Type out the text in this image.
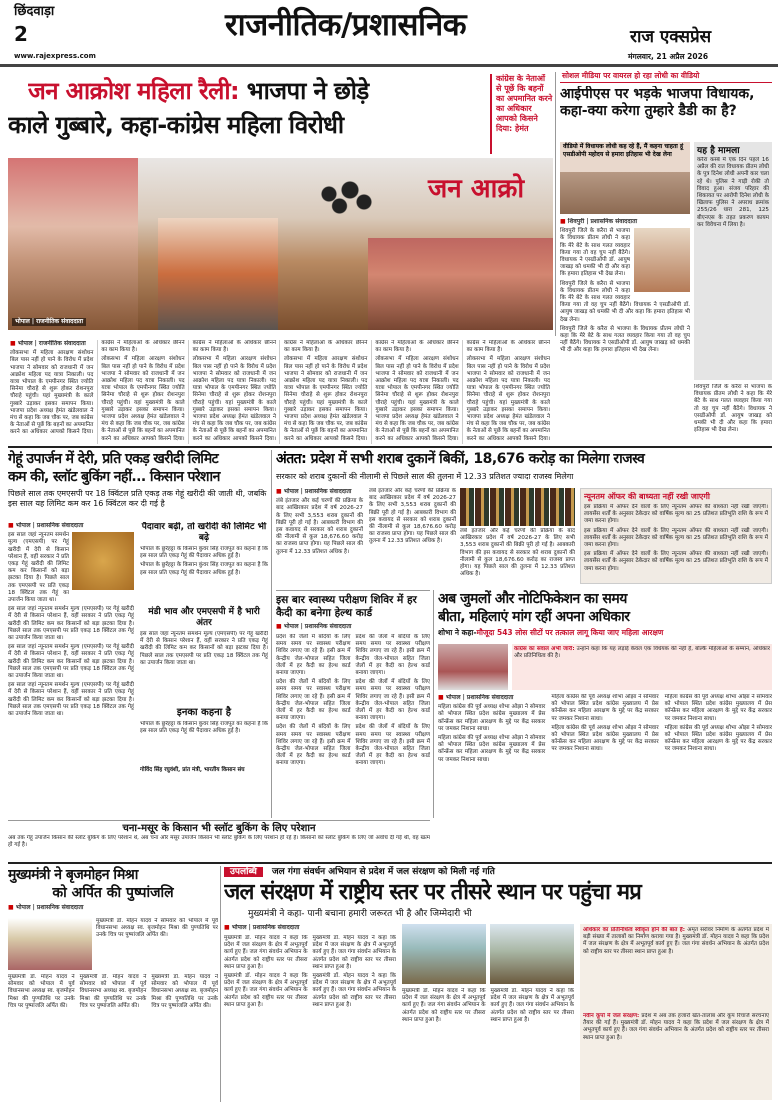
छिंदवाड़ा
2
www.rajexpress.com
राजनीतिक/प्रशासनिक	राज एक्सप्रेस
मंगलवार, 21 अप्रैल 2026
जन आक्रोश महिला रैली: भाजपा ने छोड़े
काले गुब्बारे, कहा-कांग्रेस महिला विरोधी
कांग्रेस के नेताओं से पूछें कि बहनों का अपमानित करने का अधिकार आपको किसने दिया: हेमंत
जन आक्रो
भोपाल | राजनीतिक संवाददाता
■ भोपाल | राजनीतिक संवाददाता

लोकसभा में महिला आरक्षण संशोधन बिल पास नहीं हो पाने के विरोध में प्रदेश भाजपा ने सोमवार को राजधानी में जन आक्रोश महिला पद यात्रा निकाली। पद यात्रा भोपाल के एमपीनगर स्थित ज्योति सिनेमा चौराहे से शुरू होकर रोशनपुरा चौराहे पहुंची। यहां मुख्यमंत्री के काले गुब्बारे उड़ाकर इसका समापन किया। भाजपा प्रदेश अध्यक्ष हेमंत खंडेलवाल ने मंच से कहा कि जब चौक पर, जब कांग्रेस के नेताओं से पूछें कि बहनों का अपमानित करने का अधिकार आपको किसने दिया। कांग्रेस ने महिलाओं के अधिकार छीनने का काम किया है।

लोकसभा में महिला आरक्षण संशोधन बिल पास नहीं हो पाने के विरोध में प्रदेश भाजपा ने सोमवार को राजधानी में जन आक्रोश महिला पद यात्रा निकाली। पद यात्रा भोपाल के एमपीनगर स्थित ज्योति सिनेमा चौराहे से शुरू होकर रोशनपुरा चौराहे पहुंची। यहां मुख्यमंत्री के काले गुब्बारे उड़ाकर इसका समापन किया। भाजपा प्रदेश अध्यक्ष हेमंत खंडेलवाल ने मंच से कहा कि जब चौक पर, जब कांग्रेस के नेताओं से पूछें कि बहनों का अपमानित करने का अधिकार आपको किसने दिया। कांग्रेस ने महिलाओं के अधिकार छीनने का काम किया है।

लोकसभा में महिला आरक्षण संशोधन बिल पास नहीं हो पाने के विरोध में प्रदेश भाजपा ने सोमवार को राजधानी में जन आक्रोश महिला पद यात्रा निकाली। पद यात्रा भोपाल के एमपीनगर स्थित ज्योति सिनेमा चौराहे से शुरू होकर रोशनपुरा चौराहे पहुंची। यहां मुख्यमंत्री के काले गुब्बारे उड़ाकर इसका समापन किया। भाजपा प्रदेश अध्यक्ष हेमंत खंडेलवाल ने मंच से कहा कि जब चौक पर, जब कांग्रेस के नेताओं से पूछें कि बहनों का अपमानित करने का अधिकार आपको किसने दिया। कांग्रेस ने महिलाओं के अधिकार छीनने का काम किया है।

लोकसभा में महिला आरक्षण संशोधन बिल पास नहीं हो पाने के विरोध में प्रदेश भाजपा ने सोमवार को राजधानी में जन आक्रोश महिला पद यात्रा निकाली। पद यात्रा भोपाल के एमपीनगर स्थित ज्योति सिनेमा चौराहे से शुरू होकर रोशनपुरा चौराहे पहुंची। यहां मुख्यमंत्री के काले गुब्बारे उड़ाकर इसका समापन किया। भाजपा प्रदेश अध्यक्ष हेमंत खंडेलवाल ने मंच से कहा कि जब चौक पर, जब कांग्रेस के नेताओं से पूछें कि बहनों का अपमानित करने का अधिकार आपको किसने दिया। कांग्रेस ने महिलाओं के अधिकार छीनने का काम किया है।

लोकसभा में महिला आरक्षण संशोधन बिल पास नहीं हो पाने के विरोध में प्रदेश भाजपा ने सोमवार को राजधानी में जन आक्रोश महिला पद यात्रा निकाली। पद यात्रा भोपाल के एमपीनगर स्थित ज्योति सिनेमा चौराहे से शुरू होकर रोशनपुरा चौराहे पहुंची। यहां मुख्यमंत्री के काले गुब्बारे उड़ाकर इसका समापन किया। भाजपा प्रदेश अध्यक्ष हेमंत खंडेलवाल ने मंच से कहा कि जब चौक पर, जब कांग्रेस के नेताओं से पूछें कि बहनों का अपमानित करने का अधिकार आपको किसने दिया। कांग्रेस ने महिलाओं के अधिकार छीनने का काम किया है।

लोकसभा में महिला आरक्षण संशोधन बिल पास नहीं हो पाने के विरोध में प्रदेश भाजपा ने सोमवार को राजधानी में जन आक्रोश महिला पद यात्रा निकाली। पद यात्रा भोपाल के एमपीनगर स्थित ज्योति सिनेमा चौराहे से शुरू होकर रोशनपुरा चौराहे पहुंची। यहां मुख्यमंत्री के काले गुब्बारे उड़ाकर इसका समापन किया। भाजपा प्रदेश अध्यक्ष हेमंत खंडेलवाल ने मंच से कहा कि जब चौक पर, जब कांग्रेस के नेताओं से पूछें कि बहनों का अपमानित करने का अधिकार आपको किसने दिया।

सोशल मीडिया पर वायरल हो रहा लोधी का वीडियो
आईपीएस पर भड़के भाजपा विधायक, कहा-क्या करेगा तुम्हारे डैडी का है?
वीडियो में विधायक लोधी कह रहे हैं, मैं कहना चाहता हूं एसडीओपी महोदय से हमारा इतिहास भी देख लेना	यह है मामला
करैरा कस्बे में एक दिन पहले 16 अप्रैल की रात विधायक प्रीतम लोधी के पुत्र दिनेश लोधी अपनी कार चला रहे थे। पुलिस ने गाड़ी रोकी तो विवाद हुआ। संजय परिहार की शिकायत पर आरोपी दिनेश लोधी के खिलाफ पुलिस ने अपराध क्रमांक 255/26 धारा 281, 125 बीएनएस के तहत प्रकरण कायम कर विवेचना में लिया है।
■ शिवपुरी | प्रशासनिक संवाददाता

शिवपुरी जिले के करैरा से भाजपा के विधायक प्रीतम लोधी ने कहा कि मेरे बेटे के साथ गलत व्यवहार किया गया तो वह चुप नहीं बैठेंगे। विधायक ने एसडीओपी डॉ. आयुष जाखड़ को धमकी भी दी और कहा कि हमारा इतिहास भी देख लेना।

शिवपुरी जिले के करैरा से भाजपा के विधायक प्रीतम लोधी ने कहा कि मेरे बेटे के साथ गलत व्यवहार किया गया तो वह चुप नहीं बैठेंगे। विधायक ने एसडीओपी डॉ. आयुष जाखड़ को धमकी भी दी और कहा कि हमारा इतिहास भी देख लेना।

शिवपुरी जिले के करैरा से भाजपा के विधायक प्रीतम लोधी ने कहा कि मेरे बेटे के साथ गलत व्यवहार किया गया तो वह चुप नहीं बैठेंगे। विधायक ने एसडीओपी डॉ. आयुष जाखड़ को धमकी भी दी और कहा कि हमारा इतिहास भी देख लेना।

शिवपुरी जिले के करैरा से भाजपा के विधायक प्रीतम लोधी ने कहा कि मेरे बेटे के साथ गलत व्यवहार किया गया तो वह चुप नहीं बैठेंगे। विधायक ने एसडीओपी डॉ. आयुष जाखड़ को धमकी भी दी और कहा कि हमारा इतिहास भी देख लेना।

गेहूं उपार्जन में देरी, प्रति एकड़ खरीदी लिमिट
कम की, स्लॉट बुकिंग नहीं... किसान परेशान
पिछले साल तक एमएसपी पर 18 क्विंटल प्रति एकड़ तक गेहूं खरीदी की जाती थी, जबकि इस साल यह लिमिट कम कर 16 क्विंटल कर दी गई है
■ भोपाल | प्रशासनिक संवाददाता

इस साल जहां न्यूनतम समर्थन मूल्य (एमएसपी) पर गेहूं खरीदी में देरी से किसान परेशान हैं, वहीं सरकार ने प्रति एकड़ गेहूं खरीदी की लिमिट कम कर किसानों को बड़ा झटका दिया है। पिछले साल तक एमएसपी पर प्रति एकड़ 18 क्विंटल तक गेहूं का उपार्जन किया जाता था।

इस साल जहां न्यूनतम समर्थन मूल्य (एमएसपी) पर गेहूं खरीदी में देरी से किसान परेशान हैं, वहीं सरकार ने प्रति एकड़ गेहूं खरीदी की लिमिट कम कर किसानों को बड़ा झटका दिया है। पिछले साल तक एमएसपी पर प्रति एकड़ 18 क्विंटल तक गेहूं का उपार्जन किया जाता था।

इस साल जहां न्यूनतम समर्थन मूल्य (एमएसपी) पर गेहूं खरीदी में देरी से किसान परेशान हैं, वहीं सरकार ने प्रति एकड़ गेहूं खरीदी की लिमिट कम कर किसानों को बड़ा झटका दिया है। पिछले साल तक एमएसपी पर प्रति एकड़ 18 क्विंटल तक गेहूं का उपार्जन किया जाता था।

इस साल जहां न्यूनतम समर्थन मूल्य (एमएसपी) पर गेहूं खरीदी में देरी से किसान परेशान हैं, वहीं सरकार ने प्रति एकड़ गेहूं खरीदी की लिमिट कम कर किसानों को बड़ा झटका दिया है। पिछले साल तक एमएसपी पर प्रति एकड़ 18 क्विंटल तक गेहूं का उपार्जन किया जाता था।

पैदावार बढ़ी, तो खरीदी की लिमिट भी बढ़े

भोपाल के छुर्रहट्टा के किसान कुंवर सिंह राजपूत का कहना है कि इस साल प्रति एकड़ गेहूं की पैदावार अधिक हुई है।

भोपाल के छुर्रहट्टा के किसान कुंवर सिंह राजपूत का कहना है कि इस साल प्रति एकड़ गेहूं की पैदावार अधिक हुई है।

मंडी भाव और एमएसपी में है भारी अंतर

इस साल जहां न्यूनतम समर्थन मूल्य (एमएसपी) पर गेहूं खरीदी में देरी से किसान परेशान हैं, वहीं सरकार ने प्रति एकड़ गेहूं खरीदी की लिमिट कम कर किसानों को बड़ा झटका दिया है। पिछले साल तक एमएसपी पर प्रति एकड़ 18 क्विंटल तक गेहूं का उपार्जन किया जाता था।

इनका कहना है

भोपाल के छुर्रहट्टा के किसान कुंवर सिंह राजपूत का कहना है कि इस साल प्रति एकड़ गेहूं की पैदावार अधिक हुई है।

गोविंद सिंह रघुवंशी, प्रांत मंत्री, भारतीय किसान संघ
अंतत: प्रदेश में सभी शराब दुकानें बिकीं, 18,676 करोड़ का मिलेगा राजस्व
सरकार को शराब दुकानों की नीलामी से पिछले साल की तुलना में 12.33 प्रतिशत ज्यादा राजस्व मिलेगा
■ भोपाल | प्रशासनिक संवाददाता

लंबे इंतजार और कई चरणों की प्रक्रिया के बाद आखिरकार प्रदेश में वर्ष 2026-27 के लिए सभी 3,553 शराब दुकानों की बिक्री पूरी हो गई है। आबकारी विभाग की इस कवायद से सरकार को शराब दुकानों की नीलामी से कुल 18,676.60 करोड़ का राजस्व प्राप्त होगा। यह पिछले साल की तुलना में 12.33 प्रतिशत अधिक है।

लंबे इंतजार और कई चरणों की प्रक्रिया के बाद आखिरकार प्रदेश में वर्ष 2026-27 के लिए सभी 3,553 शराब दुकानों की बिक्री पूरी हो गई है। आबकारी विभाग की इस कवायद से सरकार को शराब दुकानों की नीलामी से कुल 18,676.60 करोड़ का राजस्व प्राप्त होगा। यह पिछले साल की तुलना में 12.33 प्रतिशत अधिक है।

लंबे इंतजार और कई चरणों की प्रक्रिया के बाद आखिरकार प्रदेश में वर्ष 2026-27 के लिए सभी 3,553 शराब दुकानों की बिक्री पूरी हो गई है। आबकारी विभाग की इस कवायद से सरकार को शराब दुकानों की नीलामी से कुल 18,676.60 करोड़ का राजस्व प्राप्त होगा। यह पिछले साल की तुलना में 12.33 प्रतिशत अधिक है।

न्यूनतम ऑफर की बाध्यता नहीं रखी जाएगी

इस प्रक्रिया में ऑफर देने वालों के लिए न्यूनतम ऑफर की बाध्यता नहीं रखी जाएगी। लायसेंस शर्तों के अनुसार ठेकेदार को वार्षिक मूल्य का 25 प्रतिशत प्रतिभूति राशि के रूप में जमा करना होगा।

इस प्रक्रिया में ऑफर देने वालों के लिए न्यूनतम ऑफर की बाध्यता नहीं रखी जाएगी। लायसेंस शर्तों के अनुसार ठेकेदार को वार्षिक मूल्य का 25 प्रतिशत प्रतिभूति राशि के रूप में जमा करना होगा।

इस प्रक्रिया में ऑफर देने वालों के लिए न्यूनतम ऑफर की बाध्यता नहीं रखी जाएगी। लायसेंस शर्तों के अनुसार ठेकेदार को वार्षिक मूल्य का 25 प्रतिशत प्रतिभूति राशि के रूप में जमा करना होगा।

इस बार स्वास्थ्य परीक्षण शिविर में हर कैदी का बनेगा हेल्थ कार्ड
■ भोपाल | प्रशासनिक संवाददाता

प्रदेश की जेलों में बंदियों के लिए समय समय पर स्वास्थ्य परीक्षण शिविर लगाए जा रहे हैं। इसी क्रम में केन्द्रीय जेल-भोपाल सहित जिला जेलों में हर कैदी का हेल्थ कार्ड बनाया जाएगा।

प्रदेश की जेलों में बंदियों के लिए समय समय पर स्वास्थ्य परीक्षण शिविर लगाए जा रहे हैं। इसी क्रम में केन्द्रीय जेल-भोपाल सहित जिला जेलों में हर कैदी का हेल्थ कार्ड बनाया जाएगा।

प्रदेश की जेलों में बंदियों के लिए समय समय पर स्वास्थ्य परीक्षण शिविर लगाए जा रहे हैं। इसी क्रम में केन्द्रीय जेल-भोपाल सहित जिला जेलों में हर कैदी का हेल्थ कार्ड बनाया जाएगा।

प्रदेश की जेलों में बंदियों के लिए समय समय पर स्वास्थ्य परीक्षण शिविर लगाए जा रहे हैं। इसी क्रम में केन्द्रीय जेल-भोपाल सहित जिला जेलों में हर कैदी का हेल्थ कार्ड बनाया जाएगा।

प्रदेश की जेलों में बंदियों के लिए समय समय पर स्वास्थ्य परीक्षण शिविर लगाए जा रहे हैं। इसी क्रम में केन्द्रीय जेल-भोपाल सहित जिला जेलों में हर कैदी का हेल्थ कार्ड बनाया जाएगा।

प्रदेश की जेलों में बंदियों के लिए समय समय पर स्वास्थ्य परीक्षण शिविर लगाए जा रहे हैं। इसी क्रम में केन्द्रीय जेल-भोपाल सहित जिला जेलों में हर कैदी का हेल्थ कार्ड बनाया जाएगा।

अब जुमलों और नोटिफिकेशन का समय
बीता, महिलाएं मांग रहीं अपना अधिकार
शोभा ने कहा-मौजूदा 543 लोस सीटों पर तत्काल लागू किया जाए महिला आरक्षण
कांग्रेस का सवाल अभी जारी: उन्होंने कहा कि यह लड़ाई केवल एक विधेयक की नहीं है, बल्कि महिलाओं के सम्मान, अधिकार और प्रतिनिधित्व की है।
■ भोपाल | प्रशासनिक संवाददाता

महिला कांग्रेस की पूर्व अध्यक्ष शोभा ओझा ने सोमवार को भोपाल स्थित प्रदेश कांग्रेस मुख्यालय में प्रेस कॉन्फ्रेंस कर महिला आरक्षण के मुद्दे पर केंद्र सरकार पर जमकर निशाना साधा।

महिला कांग्रेस की पूर्व अध्यक्ष शोभा ओझा ने सोमवार को भोपाल स्थित प्रदेश कांग्रेस मुख्यालय में प्रेस कॉन्फ्रेंस कर महिला आरक्षण के मुद्दे पर केंद्र सरकार पर जमकर निशाना साधा।

महिला कांग्रेस की पूर्व अध्यक्ष शोभा ओझा ने सोमवार को भोपाल स्थित प्रदेश कांग्रेस मुख्यालय में प्रेस कॉन्फ्रेंस कर महिला आरक्षण के मुद्दे पर केंद्र सरकार पर जमकर निशाना साधा।

महिला कांग्रेस की पूर्व अध्यक्ष शोभा ओझा ने सोमवार को भोपाल स्थित प्रदेश कांग्रेस मुख्यालय में प्रेस कॉन्फ्रेंस कर महिला आरक्षण के मुद्दे पर केंद्र सरकार पर जमकर निशाना साधा।

महिला कांग्रेस की पूर्व अध्यक्ष शोभा ओझा ने सोमवार को भोपाल स्थित प्रदेश कांग्रेस मुख्यालय में प्रेस कॉन्फ्रेंस कर महिला आरक्षण के मुद्दे पर केंद्र सरकार पर जमकर निशाना साधा।

महिला कांग्रेस की पूर्व अध्यक्ष शोभा ओझा ने सोमवार को भोपाल स्थित प्रदेश कांग्रेस मुख्यालय में प्रेस कॉन्फ्रेंस कर महिला आरक्षण के मुद्दे पर केंद्र सरकार पर जमकर निशाना साधा।

चना-मसूर के किसान भी स्लॉट बुकिंग के लिए परेशान
अब तक गेहूं उपार्जन किसान की स्लॉट बुकिंग के लिए परेशान थे, अब चना और मसूर उपार्जन किसान भी स्लॉट बुकिंग के लिए परेशान हो रहे हैं। किसानों को स्लॉट बुकिंग के लिए जो अवधि दी गई थी, वह खत्म हो गई है।
मुख्यमंत्री ने बृजमोहन मिश्रा
को अर्पित की पुष्पांजलि
■ भोपाल | प्रशासनिक संवाददाता

मुख्यमंत्री डॉ. मोहन यादव ने सोमवार को भोपाल में पूर्व विधानसभा अध्यक्ष स्व. बृजमोहन मिश्रा की पुण्यतिथि पर उनके चित्र पर पुष्पांजलि अर्पित की।

मुख्यमंत्री डॉ. मोहन यादव ने सोमवार को भोपाल में पूर्व विधानसभा अध्यक्ष स्व. बृजमोहन मिश्रा की पुण्यतिथि पर उनके चित्र पर पुष्पांजलि अर्पित की।

मुख्यमंत्री डॉ. मोहन यादव ने सोमवार को भोपाल में पूर्व विधानसभा अध्यक्ष स्व. बृजमोहन मिश्रा की पुण्यतिथि पर उनके चित्र पर पुष्पांजलि अर्पित की।

मुख्यमंत्री डॉ. मोहन यादव ने सोमवार को भोपाल में पूर्व विधानसभा अध्यक्ष स्व. बृजमोहन मिश्रा की पुण्यतिथि पर उनके चित्र पर पुष्पांजलि अर्पित की।

उपलब्धि जल गंगा संवर्धन अभियान से प्रदेश में जल संरक्षण को मिली नई गति
जल संरक्षण में राष्ट्रीय स्तर पर तीसरे स्थान पर पहुंचा मप्र
मुख्यमंत्री ने कहा- पानी बचाना हमारी जरूरत भी है और जिम्मेदारी भी
■ भोपाल | प्रशासनिक संवाददाता

मुख्यमंत्री डॉ. मोहन यादव ने कहा कि प्रदेश में जल संरक्षण के क्षेत्र में अभूतपूर्व कार्य हुए हैं। जल गंगा संवर्धन अभियान के अंतर्गत प्रदेश को राष्ट्रीय स्तर पर तीसरा स्थान प्राप्त हुआ है।

मुख्यमंत्री डॉ. मोहन यादव ने कहा कि प्रदेश में जल संरक्षण के क्षेत्र में अभूतपूर्व कार्य हुए हैं। जल गंगा संवर्धन अभियान के अंतर्गत प्रदेश को राष्ट्रीय स्तर पर तीसरा स्थान प्राप्त हुआ है।

मुख्यमंत्री डॉ. मोहन यादव ने कहा कि प्रदेश में जल संरक्षण के क्षेत्र में अभूतपूर्व कार्य हुए हैं। जल गंगा संवर्धन अभियान के अंतर्गत प्रदेश को राष्ट्रीय स्तर पर तीसरा स्थान प्राप्त हुआ है।

मुख्यमंत्री डॉ. मोहन यादव ने कहा कि प्रदेश में जल संरक्षण के क्षेत्र में अभूतपूर्व कार्य हुए हैं। जल गंगा संवर्धन अभियान के अंतर्गत प्रदेश को राष्ट्रीय स्तर पर तीसरा स्थान प्राप्त हुआ है।

मुख्यमंत्री डॉ. मोहन यादव ने कहा कि प्रदेश में जल संरक्षण के क्षेत्र में अभूतपूर्व कार्य हुए हैं। जल गंगा संवर्धन अभियान के अंतर्गत प्रदेश को राष्ट्रीय स्तर पर तीसरा स्थान प्राप्त हुआ है।

मुख्यमंत्री डॉ. मोहन यादव ने कहा कि प्रदेश में जल संरक्षण के क्षेत्र में अभूतपूर्व कार्य हुए हैं। जल गंगा संवर्धन अभियान के अंतर्गत प्रदेश को राष्ट्रीय स्तर पर तीसरा स्थान प्राप्त हुआ है।

अधिकार का प्रतिनिधित्व स्वीकृत होने की बात है: अमृत सरोवर निर्माण के अंतर्गत प्रदेश में बड़ी संख्या में तालाबों का निर्माण कराया गया है। मुख्यमंत्री डॉ. मोहन यादव ने कहा कि प्रदेश में जल संरक्षण के क्षेत्र में अभूतपूर्व कार्य हुए हैं। जल गंगा संवर्धन अभियान के अंतर्गत प्रदेश को राष्ट्रीय स्तर पर तीसरा स्थान प्राप्त हुआ है।
नवीन कूपों में जल संरक्षण: प्रदेश में अब तक हजारों खेत-तालाब और कूप रिचार्ज संरचनाएं तैयार की गई हैं। मुख्यमंत्री डॉ. मोहन यादव ने कहा कि प्रदेश में जल संरक्षण के क्षेत्र में अभूतपूर्व कार्य हुए हैं। जल गंगा संवर्धन अभियान के अंतर्गत प्रदेश को राष्ट्रीय स्तर पर तीसरा स्थान प्राप्त हुआ है।
